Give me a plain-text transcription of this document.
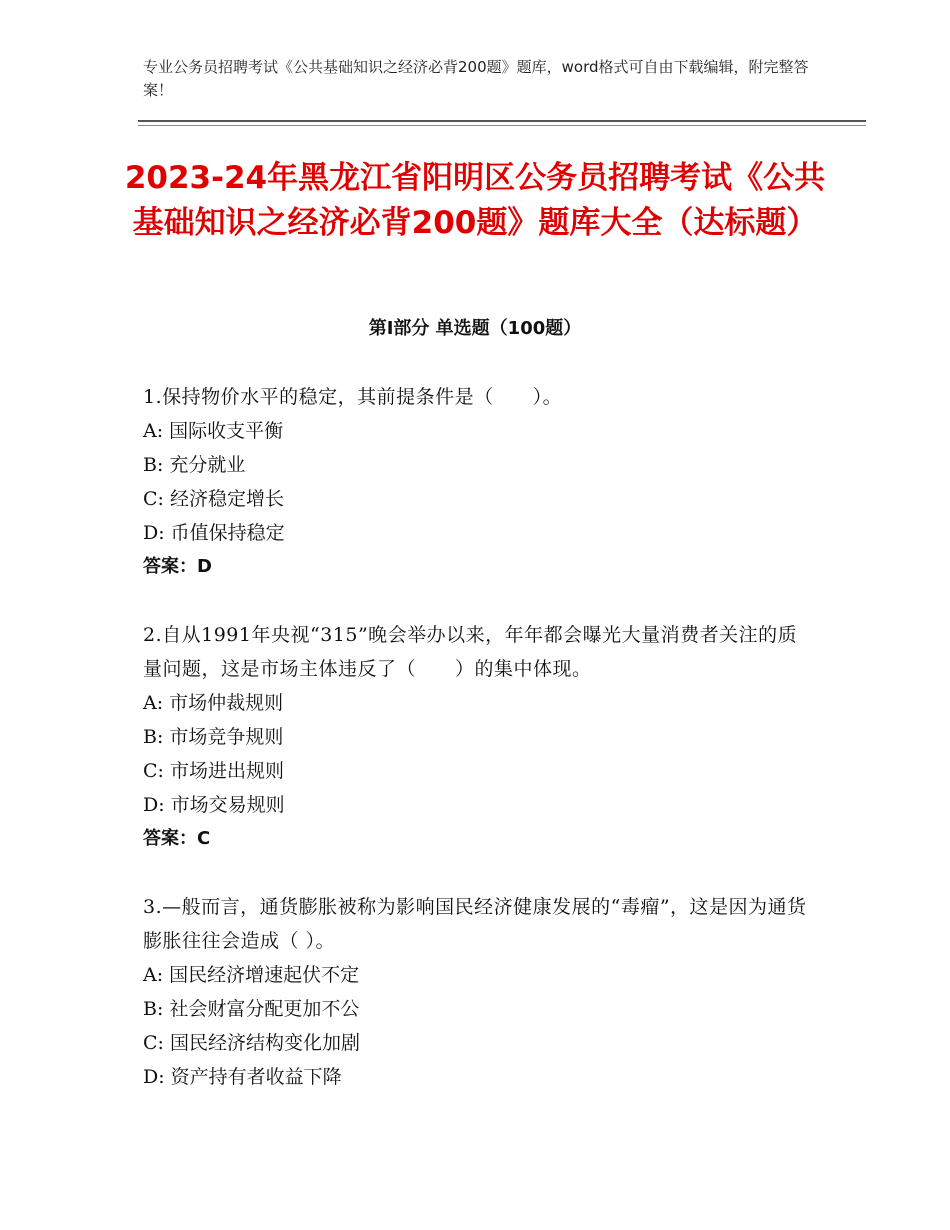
专业公务员招聘考试《公共基础知识之经济必背200题》题库，word格式可自由下载编辑，附完整答案！
2023-24年黑龙江省阳明区公务员招聘考试《公共基础知识之经济必背200题》题库大全（达标题）
第Ⅰ部分 单选题（100题）
1.保持物价水平的稳定，其前提条件是（　　）。
A: 国际收支平衡
B: 充分就业
C: 经济稳定增长
D: 币值保持稳定
答案：D
2.自从1991年央视“315”晚会举办以来，年年都会曝光大量消费者关注的质量问题，这是市场主体违反了（　　）的集中体现。
A: 市场仲裁规则
B: 市场竞争规则
C: 市场进出规则
D: 市场交易规则
答案：C
3.—般而言，通货膨胀被称为影响国民经济健康发展的“毒瘤”，这是因为通货膨胀往往会造成（ ）。
A: 国民经济增速起伏不定
B: 社会财富分配更加不公
C: 国民经济结构变化加剧
D: 资产持有者收益下降
